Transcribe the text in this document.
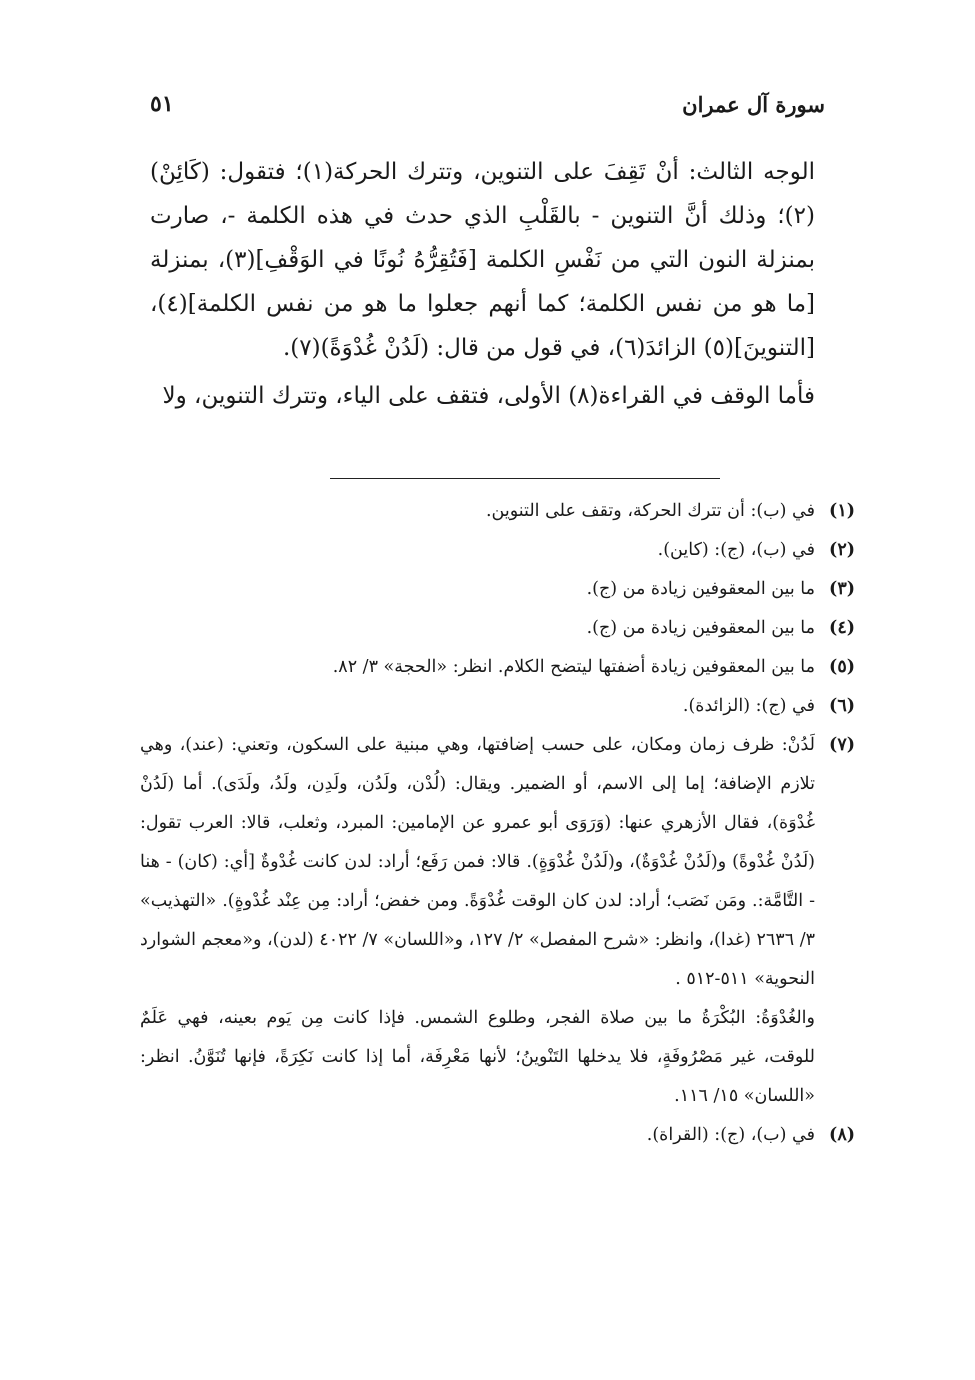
سورة آل عمران
٥١

الوجه الثالث: أنْ تَقِفَ على التنوين، وتترك الحركة(١)؛ فتقول: (كَائِنْ)(٢)؛ وذلك أنَّ التنوين - بالقَلْبِ الذي حدث في هذه الكلمة -، صارت بمنزلة النون التي من نَفْسِ الكلمة [فَتُقِرُّهُ نُونًا في الوَقْفِ](٣)، بمنزلة [ما هو من نفس الكلمة؛ كما أنهم جعلوا ما هو من نفس الكلمة](٤)، [التنوينَ](٥) الزائدَ(٦)، في قول من قال: (لَدُنْ غُدْوَةً)(٧).

فأما الوقف في القراءة(٨) الأولى، فتقف على الياء، وتترك التنوين، ولا

(١)
في (ب): أن تترك الحركة، وتقف على التنوين.
(٢)
في (ب)، (ج): (كاين).
(٣)
ما بين المعقوفين زيادة من (ج).
(٤)
ما بين المعقوفين زيادة من (ج).
(٥)
ما بين المعقوفين زيادة أضفتها ليتضح الكلام. انظر: «الحجة» ٣/ ٨٢.
(٦)
في (ج): (الزائدة).
(٧)
لَدُنْ: ظرف زمان ومكان، على حسب إضافتها، وهي مبنية على السكون، وتعني: (عند)، وهي تلازم الإضافة؛ إما إلى الاسم، أو الضمير. ويقال: (لُدْن، ولَدُن، ولَدِن، ولَدُ، ولَدَى). أما (لَدُنْ غُدْوَة)، فقال الأزهري عنها: (وَرَوَى أبو عمرو عن الإمامين: المبرد، وثعلب، قالا: العرب تقول: (لَدُنْ غُدْوةً) و(لَدُنْ غُدْوَةٌ)، و(لَدُنْ غُدْوَةٍ). قالا: فمن رَفَع؛ أراد: لدن كانت غُدْوةٌ [أي: (كان) - هنا - التَّامَّة:. ومَن نَصَب؛ أراد: لدن كان الوقت غُدْوَةً. ومن خفض؛ أراد: مِن عِنْد غُدْوةٍ). «التهذيب» ٣/ ٢٦٣٦ (غدا)، وانظر: «شرح المفصل» ٢/ ١٢٧، و«اللسان» ٧/ ٤٠٢٢ (لدن)، و«معجم الشوارد النحوية» ٥١١-٥١٢ .
والغُدْوَةُ: البُكْرَةُ ما بين صلاة الفجر، وطلوع الشمس. فإذا كانت مِن يَوم بعينه، فهي عَلَمٌ للوقت، غير مَصْرُوفَةٍ، فلا يدخلها التَنْوينُ؛ لأنها مَعْرِفَة، أما إذا كانت نَكِرَةً، فإنها تُنَوَّنُ. انظر: «اللسان» ١٥/ ١١٦.
(٨)
في (ب)، (ج): (القراة).
